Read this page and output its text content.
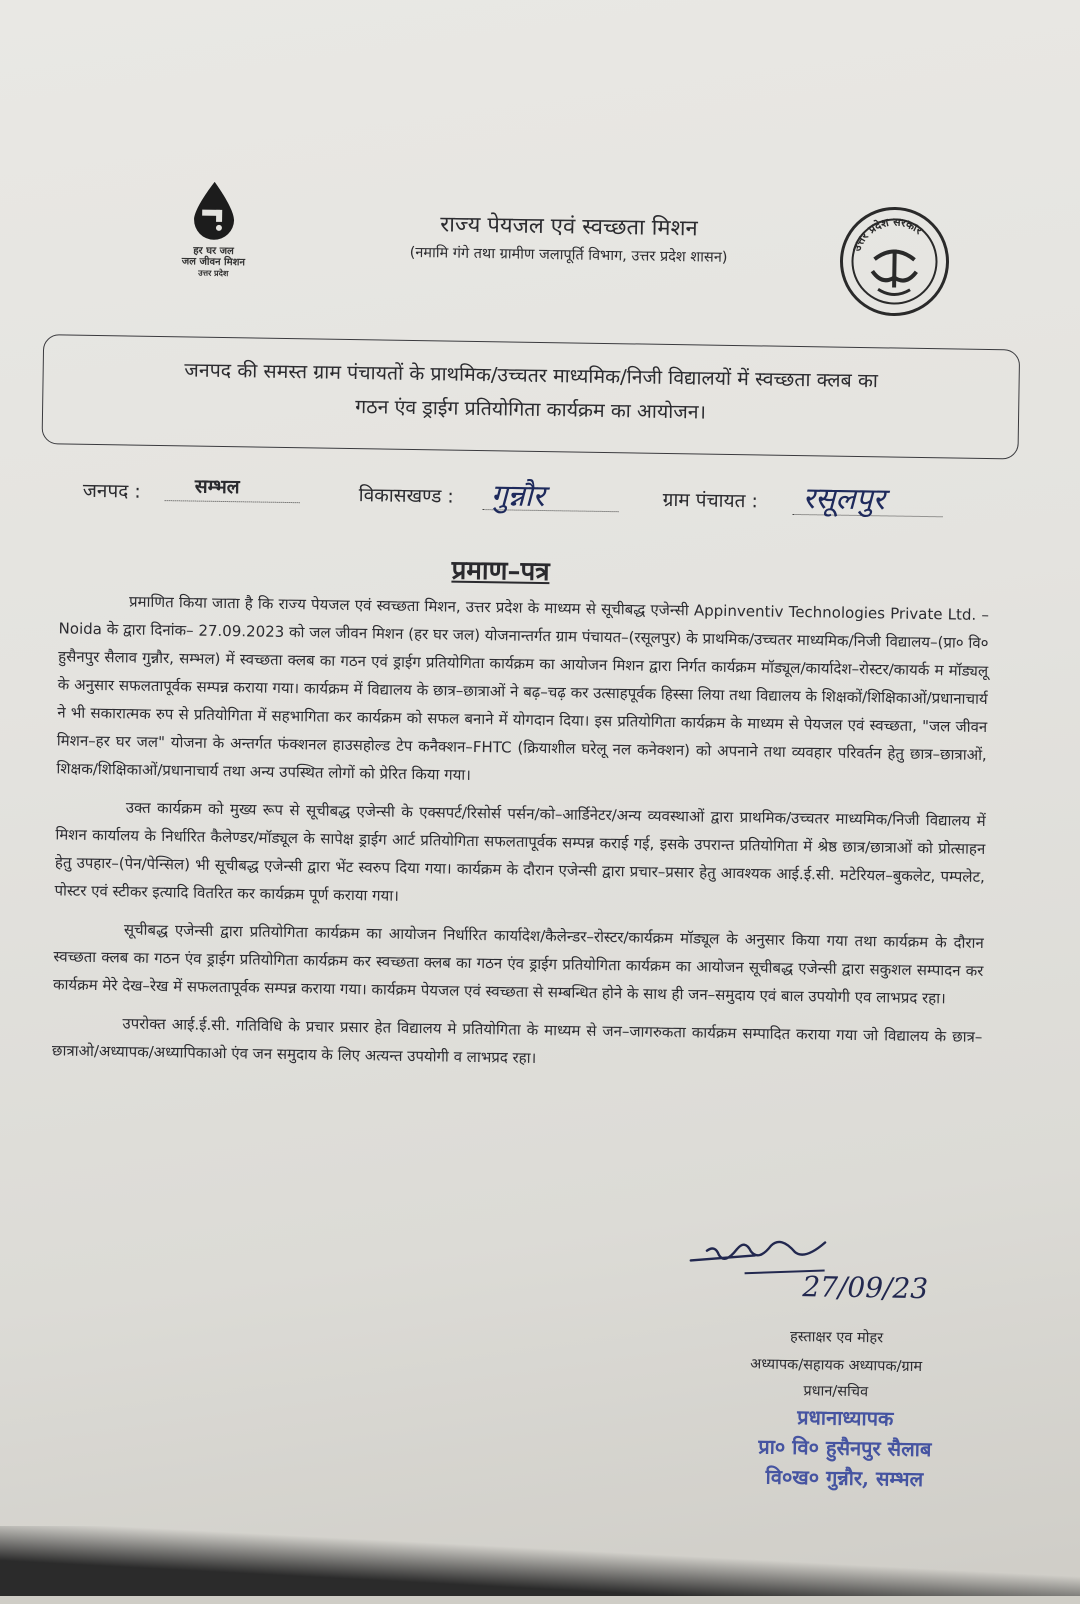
हर घर जल
जल जीवन मिशन
उत्तर प्रदेश
राज्य पेयजल एवं स्वच्छता मिशन
(नमामि गंगे तथा ग्रामीण जलापूर्ति विभाग, उत्तर प्रदेश शासन)	उत्तर प्रदेश सरकार

जनपद की समस्त ग्राम पंचायतों के प्राथमिक/उच्चतर माध्यमिक/निजी विद्यालयों में स्वच्छता क्लब का

गठन एंव ड्राईग प्रतियोगिता कार्यक्रम का आयोजन।

जनपद :	सम्भल	विकासखण्ड : गुन्नौर	ग्राम पंचायत : रसूलपुर
प्रमाण–पत्र

प्रमाणित किया जाता है कि राज्य पेयजल एवं स्वच्छता मिशन, उत्तर प्रदेश के माध्यम से सूचीबद्ध एजेन्सी Appinventiv Technologies Private Ltd. – Noida के द्वारा दिनांक– 27.09.2023 को जल जीवन मिशन (हर घर जल) योजनान्तर्गत ग्राम पंचायत–(रसूलपुर) के प्राथमिक/उच्चतर माध्यमिक/निजी विद्यालय–(प्रा० वि० हुसैनपुर सैलाव गुन्नौर, सम्भल) में स्वच्छता क्लब का गठन एवं ड्राईग प्रतियोगिता कार्यक्रम का आयोजन मिशन द्वारा निर्गत कार्यक्रम मॉड्यूल/कार्यादेश–रोस्टर/कायर्क म मॉड्यलू के अनुसार सफलतापूर्वक सम्पन्न कराया गया। कार्यक्रम में विद्यालय के छात्र–छात्राओं ने बढ़–चढ़ कर उत्साहपूर्वक हिस्सा लिया तथा विद्यालय के शिक्षकों/शिक्षिकाओं/प्रधानाचार्य ने भी सकारात्मक रुप से प्रतियोगिता में सहभागिता कर कार्यक्रम को सफल बनाने में योगदान दिया। इस प्रतियोगिता कार्यक्रम के माध्यम से पेयजल एवं स्वच्छता, "जल जीवन मिशन–हर घर जल" योजना के अन्तर्गत फंक्शनल हाउसहोल्ड टेप कनैक्शन–FHTC (क्रियाशील घरेलू नल कनेक्शन) को अपनाने तथा व्यवहार परिवर्तन हेतु छात्र–छात्राओं, शिक्षक/शिक्षिकाओं/प्रधानाचार्य तथा अन्य उपस्थित लोगों को प्रेरित किया गया।

उक्त कार्यक्रम को मुख्य रूप से सूचीबद्ध एजेन्सी के एक्सपर्ट/रिसोर्स पर्सन/को–आर्डिनेटर/अन्य व्यवस्थाओं द्वारा प्राथमिक/उच्चतर माध्यमिक/निजी विद्यालय में मिशन कार्यालय के निर्धारित कैलेण्डर/मॉड्यूल के सापेक्ष ड्राईग आर्ट प्रतियोगिता सफलतापूर्वक सम्पन्न कराई गई, इसके उपरान्त प्रतियोगिता में श्रेष्ठ छात्र/छात्राओं को प्रोत्साहन हेतु उपहार–(पेन/पेन्सिल) भी सूचीबद्ध एजेन्सी द्वारा भेंट स्वरुप दिया गया। कार्यक्रम के दौरान एजेन्सी द्वारा प्रचार–प्रसार हेतु आवश्यक आई.ई.सी. मटेरियल–बुकलेट, पम्पलेट, पोस्टर एवं स्टीकर इत्यादि वितरित कर कार्यक्रम पूर्ण कराया गया।

सूचीबद्ध एजेन्सी द्वारा प्रतियोगिता कार्यक्रम का आयोजन निर्धारित कार्यादेश/कैलेन्डर–रोस्टर/कार्यक्रम मॉड्यूल के अनुसार किया गया तथा कार्यक्रम के दौरान स्वच्छता क्लब का गठन एंव ड्राईग प्रतियोगिता कार्यक्रम कर स्वच्छता क्लब का गठन एंव ड्राईग प्रतियोगिता कार्यक्रम का आयोजन सूचीबद्ध एजेन्सी द्वारा सकुशल सम्पादन कर कार्यक्रम मेरे देख–रेख में सफलतापूर्वक सम्पन्न कराया गया। कार्यक्रम पेयजल एवं स्वच्छता से सम्बन्धित होने के साथ ही जन–समुदाय एवं बाल उपयोगी एव लाभप्रद रहा।

उपरोक्त आई.ई.सी. गतिविधि के प्रचार प्रसार हेत विद्यालय मे प्रतियोगिता के माध्यम से जन–जागरुकता कार्यक्रम सम्पादित कराया गया जो विद्यालय के छात्र–छात्राओ/अध्यापक/अध्यापिकाओ एंव जन समुदाय के लिए अत्यन्त उपयोगी व लाभप्रद रहा।

27/09/23
हस्ताक्षर एव मोहर
अध्यापक/सहायक अध्यापक/ग्राम
प्रधान/सचिव
प्रधानाध्यापक
प्रा० वि० हुसैनपुर सैलाब
वि०ख० गुन्नौर, सम्भल
